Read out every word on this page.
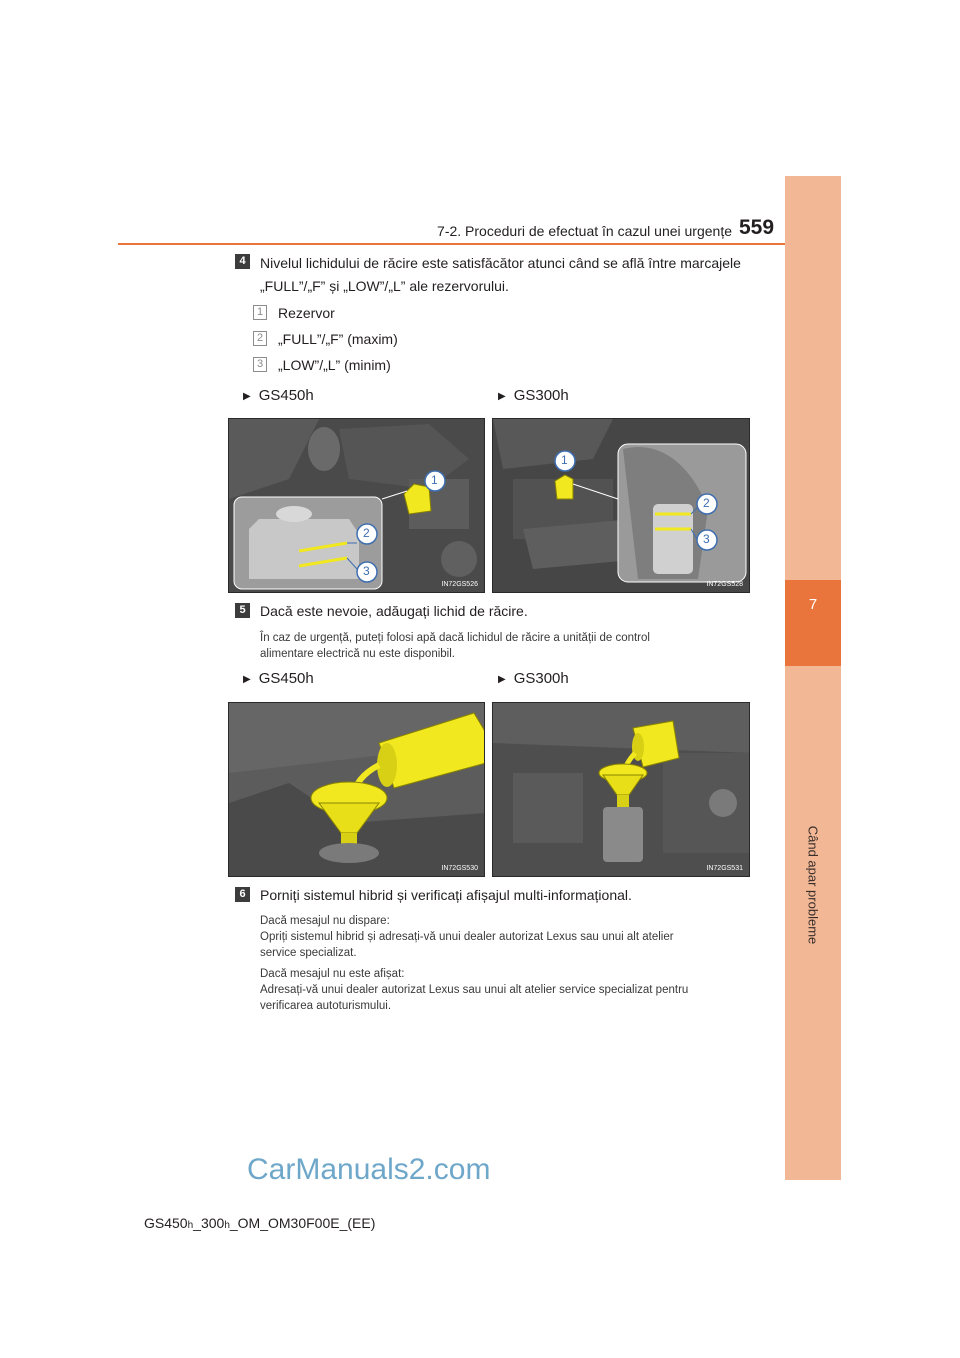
7
Când apar probleme
7-2. Proceduri de efectuat în cazul unei urgențe 559
4	Nivelul lichidului de răcire este satisfăcător atunci când se află între marcajele
„FULL”/„F” și „LOW”/„L” ale rezervorului.
1 Rezervor
2 „FULL”/„F” (maxim)
3 „LOW”/„L” (minim)
▶ GS450h	▶ GS300h
1
2
3
IN72GS526
1
2
3
IN72GS528
5	Dacă este nevoie, adăugați lichid de răcire.
În caz de urgență, puteți folosi apă dacă lichidul de răcire a unității de control
alimentare electrică nu este disponibil.
▶ GS450h	▶ GS300h
IN72GS530	IN72GS531
6	Porniți sistemul hibrid și verificați afișajul multi-informațional.
Dacă mesajul nu dispare:
Opriți sistemul hibrid și adresați-vă unui dealer autorizat Lexus sau unui alt atelier
service specializat.
Dacă mesajul nu este afișat:
Adresați-vă unui dealer autorizat Lexus sau unui alt atelier service specializat pentru
verificarea autoturismului.
CarManuals2.com
GS450h_300h_OM_OM30F00E_(EE)
